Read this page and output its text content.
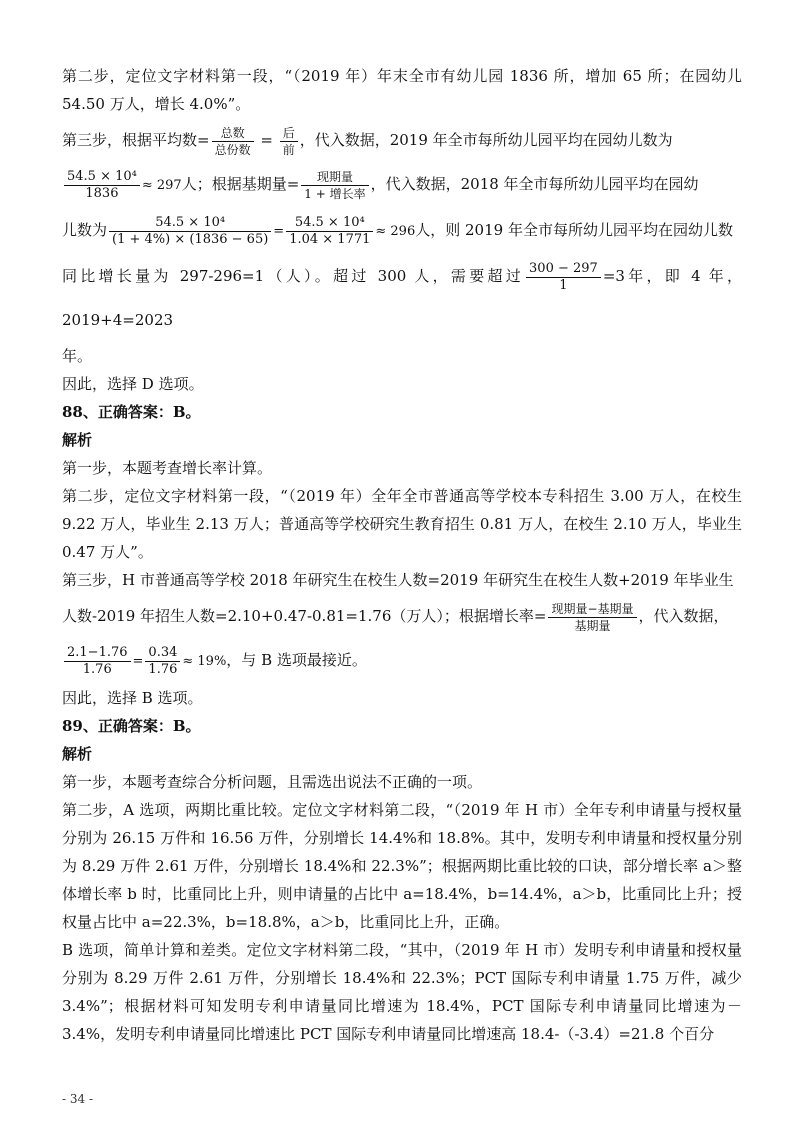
第二步，定位文字材料第一段，“（2019 年）年末全市有幼儿园 1836 所，增加 65 所；在园幼儿 54.50 万人，增长 4.0%”。

第三步，根据平均数= $\frac{\text{总数}}{\text{总份数}} = \frac{\text{后}}{\text{前}}$ ，代入数据，2019 年全市每所幼儿园平均在园幼儿数为

$\frac{\text{54.5 × 10⁴}}{1836} \approx 297$人；根据基期量= $\frac{\text{现期量}}{\text{1 + 增长率}}$ ，代入数据，2018 年全市每所幼儿园平均在园幼

儿数为 $\frac{\text{54.5 × 10⁴}}{(1 + 4\%) \times (1836 - 65)} = \frac{\text{54.5 × 10⁴}}{1.04 \times 1771} \approx 296$人，则 2019 年全市每所幼儿园平均在园幼儿数

同比增长量为 297-296=1（人）。超过 300 人，需要超过 $\frac{300 - 297}{1} =3$年，即 4 年，2019+4=2023

年。

因此，选择 D 选项。

88、正确答案：B。

解析

第一步，本题考查增长率计算。

第二步，定位文字材料第一段，“（2019 年）全年全市普通高等学校本专科招生 3.00 万人，在校生 9.22 万人，毕业生 2.13 万人；普通高等学校研究生教育招生 0.81 万人，在校生 2.10 万人，毕业生 0.47 万人”。

第三步，H 市普通高等学校 2018 年研究生在校生人数=2019 年研究生在校生人数+2019 年毕业生

人数-2019 年招生人数=2.10+0.47-0.81=1.76（万人）；根据增长率= $\frac{\text{现期量−基期量}}{\text{基期量}}$ ，代入数据，

$\frac{2.1-1.76}{1.76} = \frac{0.34}{1.76} \approx 19\%$，与 B 选项最接近。

因此，选择 B 选项。

89、正确答案：B。

解析

第一步，本题考查综合分析问题，且需选出说法不正确的一项。

第二步，A 选项，两期比重比较。定位文字材料第二段，“（2019 年 H 市）全年专利申请量与授权量分别为 26.15 万件和 16.56 万件，分别增长 14.4%和 18.8%。其中，发明专利申请量和授权量分别为 8.29 万件 2.61 万件，分别增长 18.4%和 22.3%”；根据两期比重比较的口诀，部分增长率 a＞整体增长率 b 时，比重同比上升，则申请量的占比中 a=18.4%，b=14.4%，a＞b，比重同比上升；授权量占比中 a=22.3%，b=18.8%，a＞b，比重同比上升，正确。

B 选项，简单计算和差类。定位文字材料第二段，“其中，（2019 年 H 市）发明专利申请量和授权量分别为 8.29 万件 2.61 万件，分别增长 18.4%和 22.3%；PCT 国际专利申请量 1.75 万件，减少 3.4%”；根据材料可知发明专利申请量同比增速为 18.4%，PCT 国际专利申请量同比增速为－3.4%，发明专利申请量同比增速比 PCT 国际专利申请量同比增速高 18.4-（-3.4）=21.8 个百分

- 34 -
